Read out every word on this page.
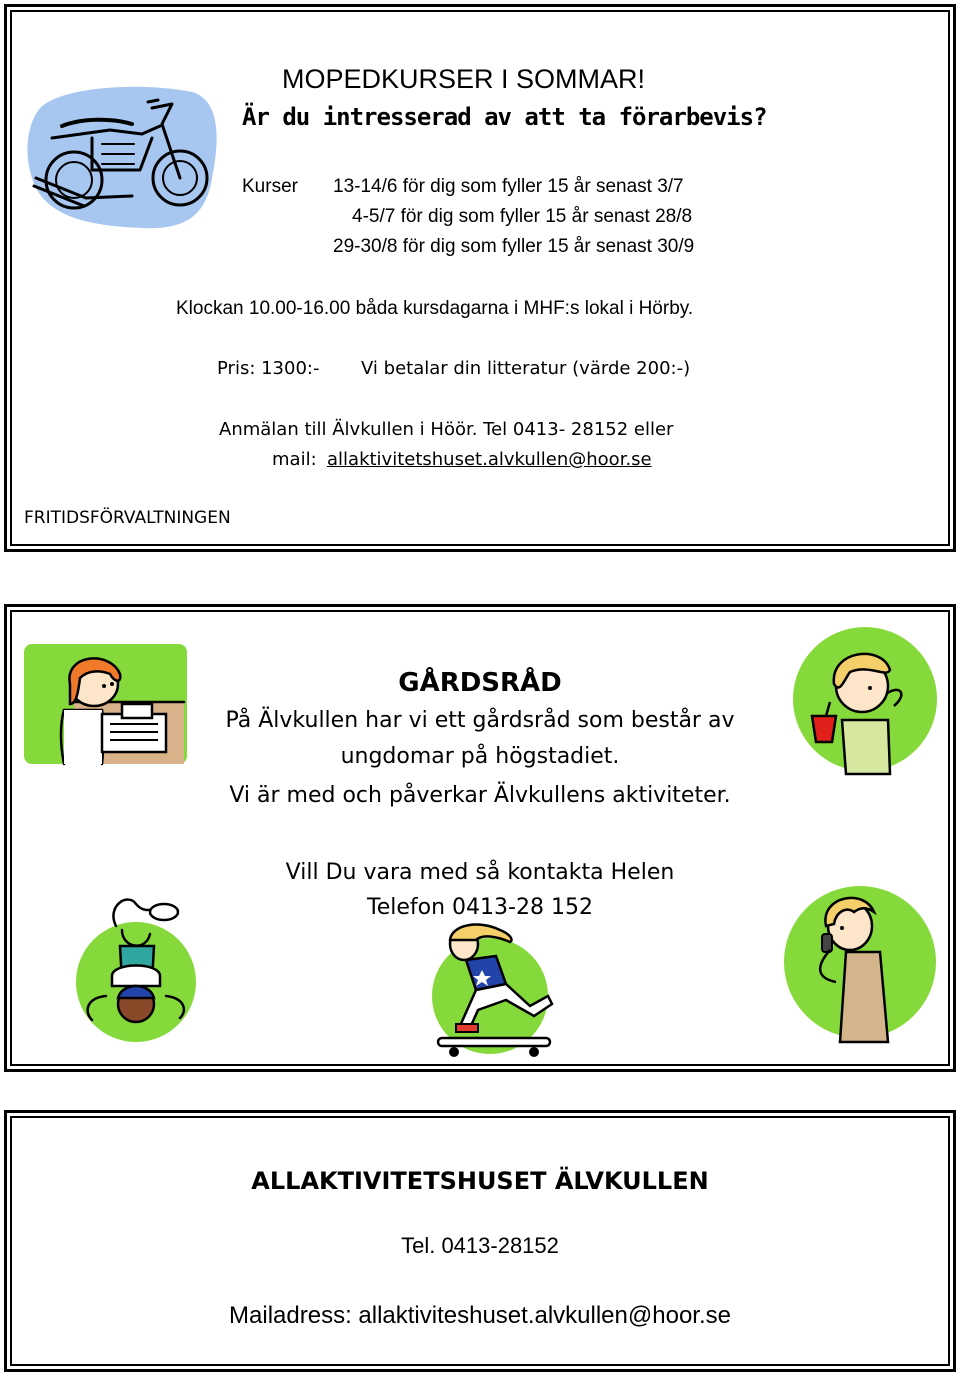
MOPEDKURSER I SOMMAR!
Är du intresserad av att ta förarbevis?
Kurser 13-14/6 för dig som fyller 15 år senast 3/7
4-5/7 för dig som fyller 15 år senast 28/8
29-30/8 för dig som fyller 15 år senast 30/9
Klockan 10.00-16.00 båda kursdagarna i MHF:s lokal i Hörby.
Pris: 1300:- Vi betalar din litteratur (värde 200:-)
Anmälan till Älvkullen i Höör. Tel 0413- 28152 eller
mail: allaktivitetshuset.alvkullen@hoor.se
FRITIDSFÖRVALTNINGEN
GÅRDSRÅD
På Älvkullen har vi ett gårdsråd som består av
ungdomar på högstadiet.
Vi är med och påverkar Älvkullens aktiviteter.
Vill Du vara med så kontakta Helen
Telefon 0413-28 152
ALLAKTIVITETSHUSET ÄLVKULLEN
Tel. 0413-28152
Mailadress: allaktiviteshuset.alvkullen@hoor.se
